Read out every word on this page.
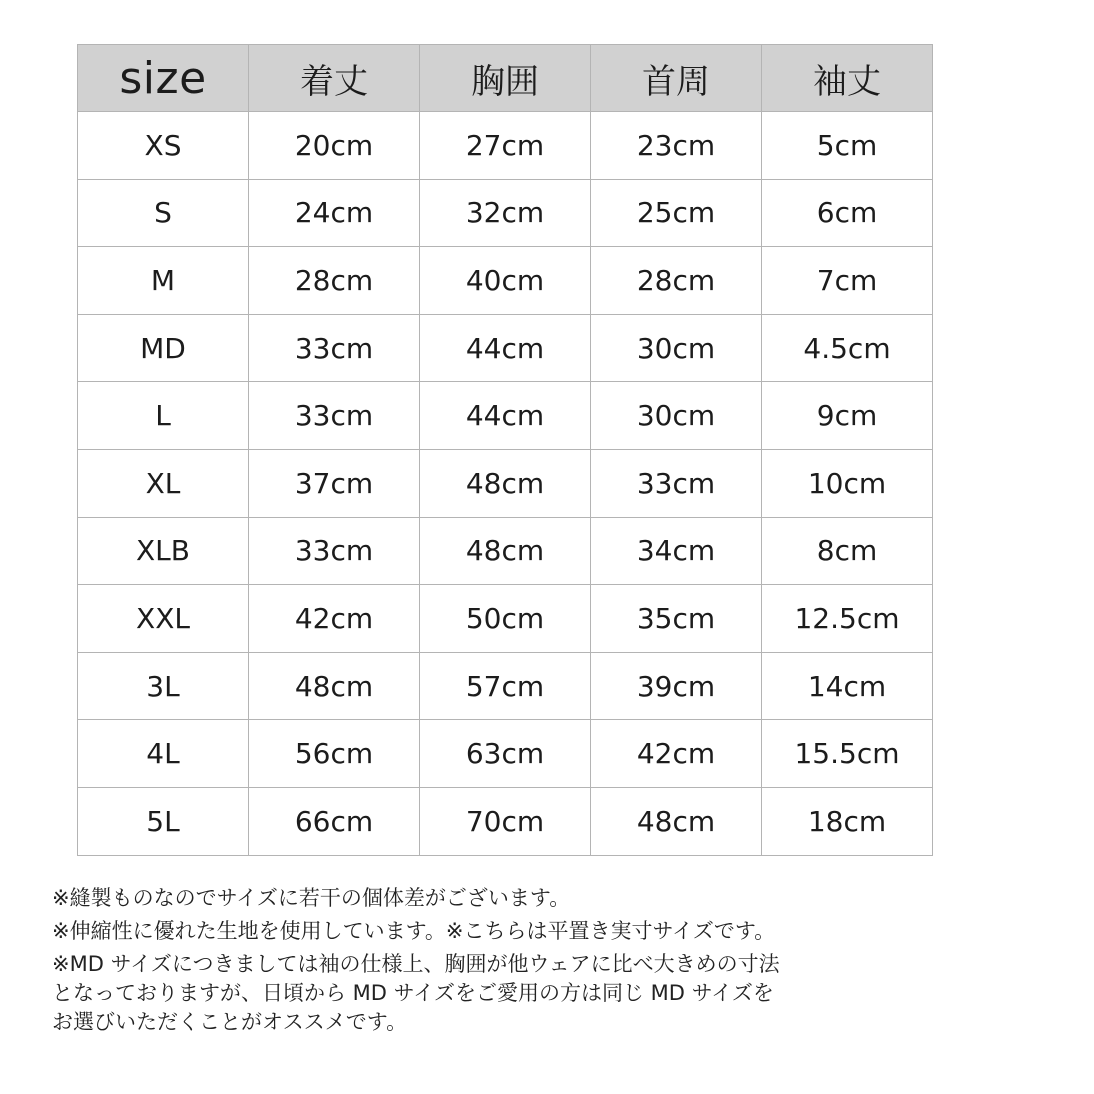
size	着丈	胸囲	首周	袖丈
XS	20cm	27cm	23cm	5cm
S	24cm	32cm	25cm	6cm
M	28cm	40cm	28cm	7cm
MD	33cm	44cm	30cm	4.5cm
L	33cm	44cm	30cm	9cm
XL	37cm	48cm	33cm	10cm
XLB	33cm	48cm	34cm	8cm
XXL	42cm	50cm	35cm	12.5cm
3L	48cm	57cm	39cm	14cm
4L	56cm	63cm	42cm	15.5cm
5L	66cm	70cm	48cm	18cm

※縫製ものなのでサイズに若干の個体差がございます。

※伸縮性に優れた生地を使用しています。※こちらは平置き実寸サイズです。

※MD サイズにつきましては袖の仕様上、胸囲が他ウェアに比べ大きめの寸法
となっておりますが、日頃から MD サイズをご愛用の方は同じ MD サイズを
お選びいただくことがオススメです。
